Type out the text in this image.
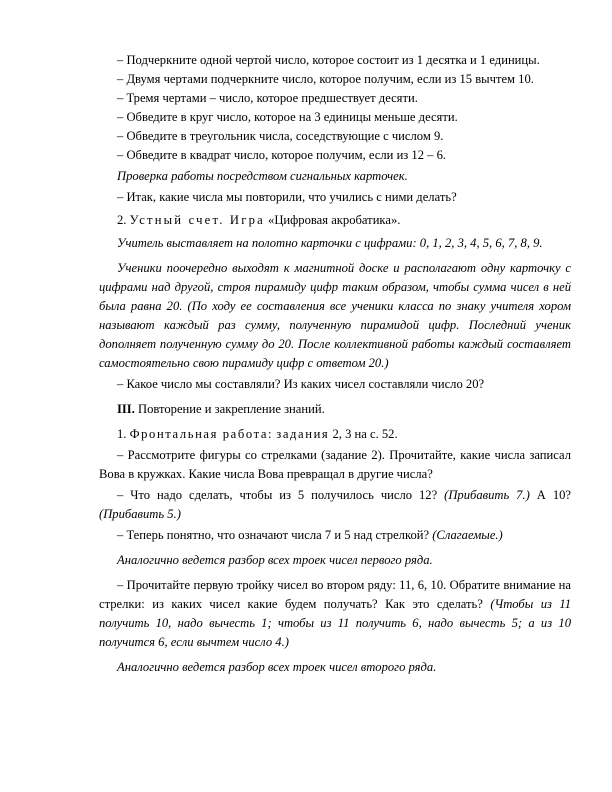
– Подчеркните одной чертой число, которое состоит из 1 десятка и 1 единицы.

– Двумя чертами подчеркните число, которое получим, если из 15 вычтем 10.

– Тремя чертами – число, которое предшествует десяти.

– Обведите в круг число, которое на 3 единицы меньше десяти.

– Обведите в треугольник числа, соседствующие с числом 9.

– Обведите в квадрат число, которое получим, если из 12 – 6.

Проверка работы посредством сигнальных карточек.

– Итак, какие числа мы повторили, что учились с ними делать?

2. Устный счет. Игра «Цифровая акробатика».

Учитель выставляет на полотно карточки с цифрами: 0, 1, 2, 3, 4, 5, 6, 7, 8, 9.

Ученики поочередно выходят к магнитной доске и располагают одну карточку с цифрами над другой, строя пирамиду цифр таким образом, чтобы сумма чисел в ней была равна 20. (По ходу ее составления все ученики класса по знаку учителя хором называют каждый раз сумму, полученную пирамидой цифр. Последний ученик дополняет полученную сумму до 20. После коллективной работы каждый составляет самостоятельно свою пирамиду цифр с ответом 20.)

– Какое число мы составляли? Из каких чисел составляли число 20?

III. Повторение и закрепление знаний.

1. Фронтальная работа: задания 2, 3 на с. 52.

– Рассмотрите фигуры со стрелками (задание 2). Прочитайте, какие числа записал Вова в кружках. Какие числа Вова превращал в другие числа?

– Что надо сделать, чтобы из 5 получилось число 12? (Прибавить 7.) А 10? (Прибавить 5.)

– Теперь понятно, что означают числа 7 и 5 над стрелкой? (Слагаемые.)

Аналогично ведется разбор всех троек чисел первого ряда.

– Прочитайте первую тройку чисел во втором ряду: 11, 6, 10. Обратите внимание на стрелки: из каких чисел какие будем получать? Как это сделать? (Чтобы из 11 получить 10, надо вычесть 1; чтобы из 11 получить 6, надо вычесть 5; а из 10 получится 6, если вычтем число 4.)

Аналогично ведется разбор всех троек чисел второго ряда.
